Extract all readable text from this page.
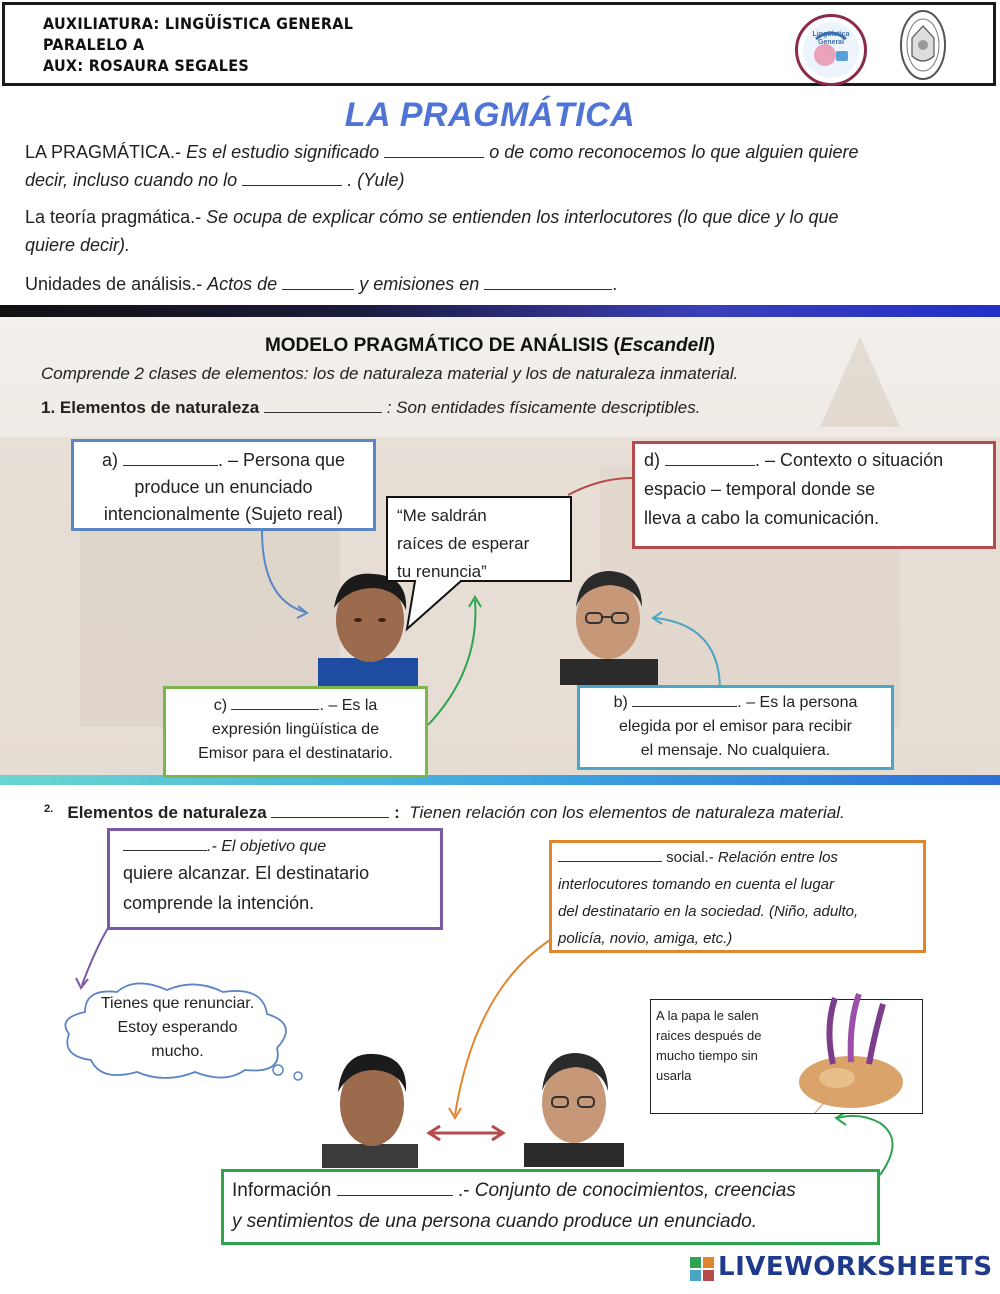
AUXILIATURA: LINGÜÍSTICA GENERAL
PARALELO A
AUX: ROSAURA SEGALES
Lingüística General
LA PRAGMÁTICA
LA PRAGMÁTICA.- Es el estudio significado	o de como reconocemos lo que alguien quiere
decir, incluso cuando no lo	. (Yule)
La teoría pragmática.- Se ocupa de explicar cómo se entienden los interlocutores (lo que dice y lo que
quiere decir).
Unidades de análisis.- Actos de	y emisiones en	.
MODELO PRAGMÁTICO DE ANÁLISIS (Escandell)
Comprende 2 clases de elementos: los de naturaleza material y los de naturaleza inmaterial.
1. Elementos de naturaleza	: Son entidades físicamente descriptibles.
a)	. – Persona que
produce un enunciado
intencionalmente (Sujeto real)
d)	. – Contexto o situación
espacio – temporal donde se
lleva a cabo la comunicación.
“Me saldrán
raíces de esperar
tu renuncia”
c)	. – Es la
expresión lingüística de
Emisor para el destinatario.
b)	. – Es la persona
elegida por el emisor para recibir
el mensaje. No cualquiera.
$^{2.}$ Elementos de naturaleza	: Tienen relación con los elementos de naturaleza material.
.- El objetivo que
quiere alcanzar. El destinatario
comprende la intención.
social.- Relación entre los
interlocutores tomando en cuenta el lugar
del destinatario en la sociedad. (Niño, adulto,
policía, novio, amiga, etc.)
Tienes que renunciar.
Estoy esperando
mucho.
A la papa le salen
raices después de
mucho tiempo sin
usarla
Información	.- Conjunto de conocimientos, creencias
y sentimientos de una persona cuando produce un enunciado.
LIVEWORKSHEETS
